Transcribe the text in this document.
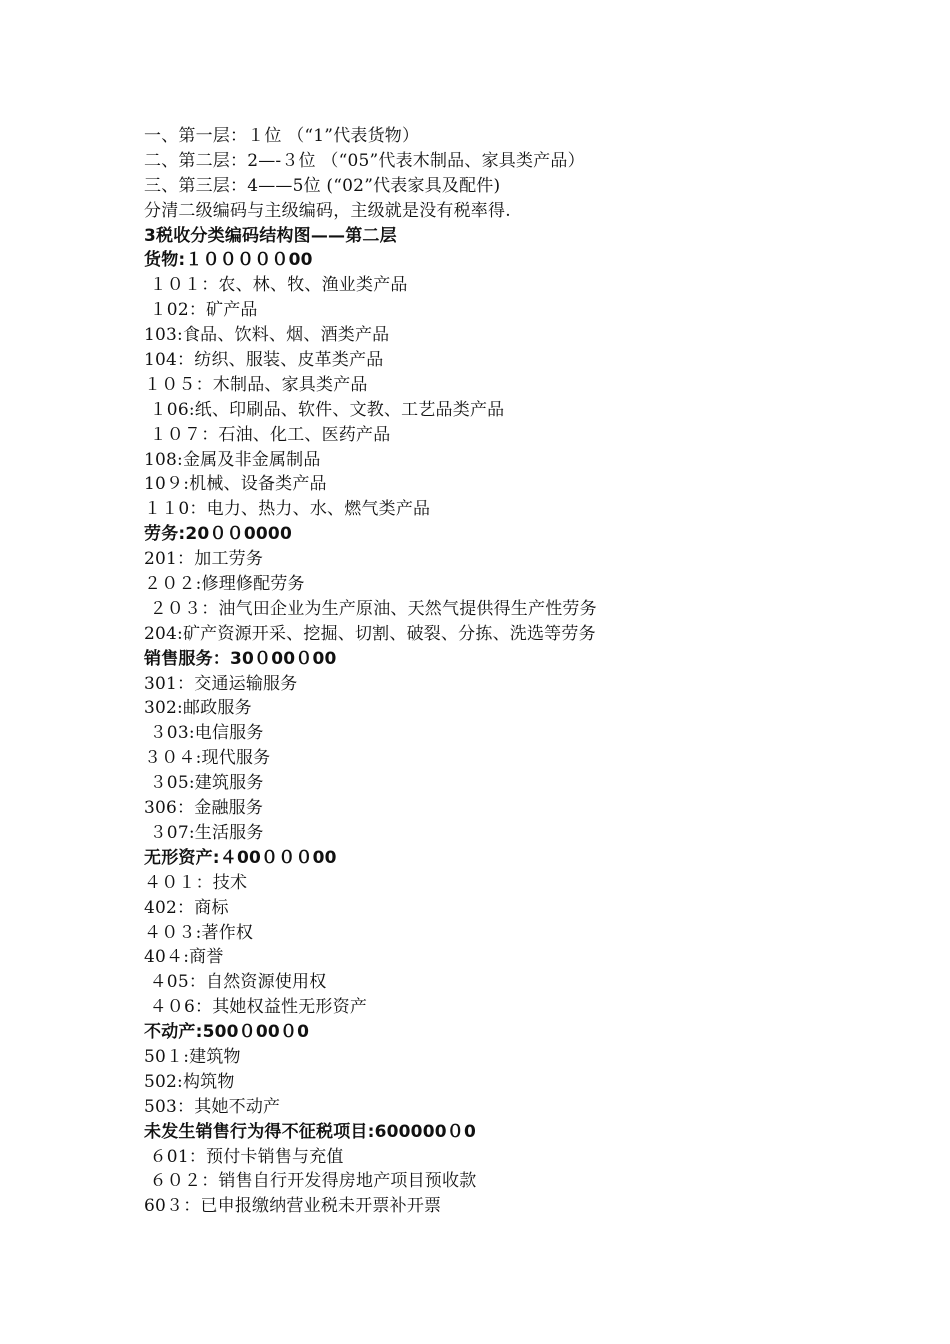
一、第一层：１位 （“1”代表货物）
二、第二层：2—-３位 （“05”代表木制品、家具类产品）
三、第三层：4——5位 (“02”代表家具及配件)
分清二级编码与主级编码，主级就是没有税率得.
3税收分类编码结构图——第二层
货物:１０００００00
１０１：农、林、牧、渔业类产品
１02：矿产品
103:食品、饮料、烟、酒类产品
104：纺织、服装、皮革类产品
１０５：木制品、家具类产品
１06:纸、印刷品、软件、文教、工艺品类产品
１０７：石油、化工、医药产品
108:金属及非金属制品
10９:机械、设备类产品
１１0：电力、热力、水、燃气类产品
劳务:20００0000
201：加工劳务
２０２:修理修配劳务
２０３：油气田企业为生产原油、天然气提供得生产性劳务
204:矿产资源开采、挖掘、切割、破裂、分拣、洗选等劳务
销售服务：30０00０00
301：交通运输服务
302:邮政服务
３03:电信服务
３０４:现代服务
３05:建筑服务
306：金融服务
３07:生活服务
无形资产:４00０００00
４０１：技术
402：商标
４０３:著作权
40４:商誉
４05：自然资源使用权
４０6：其她权益性无形资产
不动产:500０00０0
50１:建筑物
502:构筑物
503：其她不动产
未发生销售行为得不征税项目:600000０0
６01：预付卡销售与充值
６０２：销售自行开发得房地产项目预收款
60３：已申报缴纳营业税未开票补开票
